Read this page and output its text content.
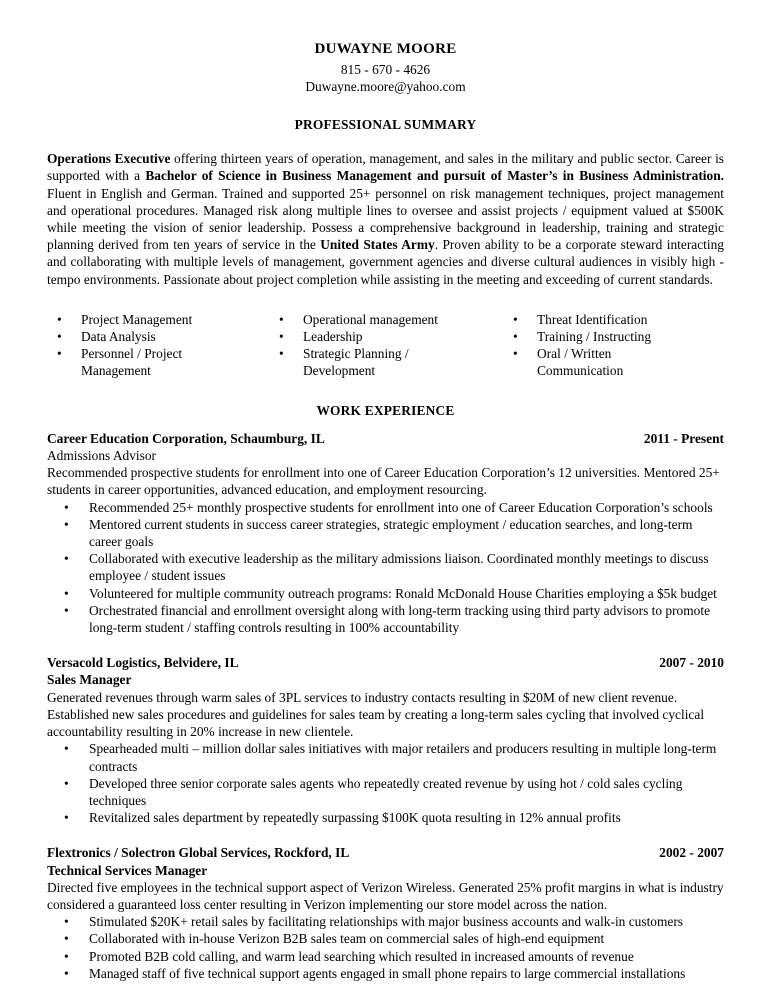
DUWAYNE MOORE
815 - 670 - 4626
Duwayne.moore@yahoo.com
PROFESSIONAL SUMMARY
Operations Executive offering thirteen years of operation, management, and sales in the military and public sector. Career is supported with a Bachelor of Science in Business Management and pursuit of Master’s in Business Administration. Fluent in English and German. Trained and supported 25+ personnel on risk management techniques, project management and operational procedures. Managed risk along multiple lines to oversee and assist projects / equipment valued at $500K while meeting the vision of senior leadership. Possess a comprehensive background in leadership, training and strategic planning derived from ten years of service in the United States Army. Proven ability to be a corporate steward interacting and collaborating with multiple levels of management, government agencies and diverse cultural audiences in visibly high - tempo environments. Passionate about project completion while assisting in the meeting and exceeding of current standards.
•	Project Management
•	Data Analysis
•	Personnel / Project Management
•	Operational management
•	Leadership
•	Strategic Planning / Development
•	Threat Identification
•	Training / Instructing
•	Oral / Written Communication
WORK EXPERIENCE
Career Education Corporation, Schaumburg, IL	2011 - Present
Admissions Advisor
Recommended prospective students for enrollment into one of Career Education Corporation’s 12 universities. Mentored 25+ students in career opportunities, advanced education, and employment resourcing.
•	Recommended 25+ monthly prospective students for enrollment into one of Career Education Corporation’s schools
•	Mentored current students in success career strategies, strategic employment / education searches, and long-term career goals
•	Collaborated with executive leadership as the military admissions liaison. Coordinated monthly meetings to discuss employee / student issues
•	Volunteered for multiple community outreach programs: Ronald McDonald House Charities employing a $5k budget
•	Orchestrated financial and enrollment oversight along with long-term tracking using third party advisors to promote long-term student / staffing controls resulting in 100% accountability
Versacold Logistics, Belvidere, IL	2007 - 2010
Sales Manager
Generated revenues through warm sales of 3PL services to industry contacts resulting in $20M of new client revenue. Established new sales procedures and guidelines for sales team by creating a long-term sales cycling that involved cyclical accountability resulting in 20% increase in new clientele.
•	Spearheaded multi – million dollar sales initiatives with major retailers and producers resulting in multiple long-term contracts
•	Developed three senior corporate sales agents who repeatedly created revenue by using hot / cold sales cycling techniques
•	Revitalized sales department by repeatedly surpassing $100K quota resulting in 12% annual profits
Flextronics / Solectron Global Services, Rockford, IL	2002 - 2007
Technical Services Manager
Directed five employees in the technical support aspect of Verizon Wireless. Generated 25% profit margins in what is industry considered a guaranteed loss center resulting in Verizon implementing our store model across the nation.
•	Stimulated $20K+ retail sales by facilitating relationships with major business accounts and walk-in customers
•	Collaborated with in-house Verizon B2B sales team on commercial sales of high-end equipment
•	Promoted B2B cold calling, and warm lead searching which resulted in increased amounts of revenue
•	Managed staff of five technical support agents engaged in small phone repairs to large commercial installations
